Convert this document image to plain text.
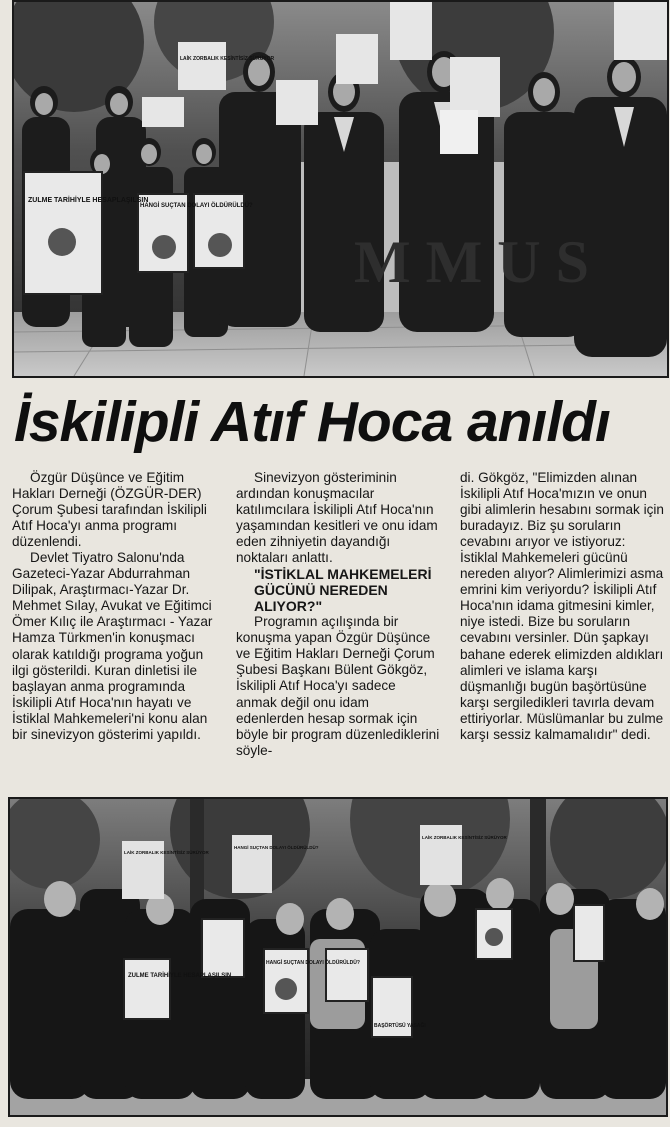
M M U S
ZULME TARİHİYLE HESAPLAŞILSIN
HANGİ SUÇTAN DOLAYI ÖLDÜRÜLDÜ?
LAİK ZORBALIK KESİNTİSİZ SÜRÜYOR
İskilipli Atıf Hoca anıldı

Özgür Düşünce ve Eğitim Hakları Derneği (ÖZGÜR-DER) Çorum Şubesi tarafından İskilipli Atıf Hoca'yı anma programı düzenlendi.

Devlet Tiyatro Salonu'nda Gazeteci-Yazar Abdurrahman Dilipak, Araştırmacı-Yazar Dr. Mehmet Sılay, Avukat ve Eğitimci Ömer Kılıç ile Araştırmacı - Yazar Hamza Türkmen'in konuşmacı olarak katıldığı programa yoğun ilgi gösterildi. Kuran dinletisi ile başlayan anma programında İskilipli Atıf Hoca'nın hayatı ve İstiklal Mahkemeleri'ni konu alan bir sinevizyon gösterimi yapıldı.

Sinevizyon gösteriminin ardından konuşmacılar katılımcılara İskilipli Atıf Hoca'nın yaşamından kesitleri ve onu idam eden zihniyetin dayandığı noktaları anlattı.

"İSTİKLAL MAHKEMELERİ GÜCÜNÜ NEREDEN ALIYOR?"

Programın açılışında bir konuşma yapan Özgür Düşünce ve Eğitim Hakları Derneği Çorum Şubesi Başkanı Bülent Gökgöz, İskilipli Atıf Hoca'yı sadece anmak değil onu idam edenlerden hesap sormak için böyle bir program düzenlediklerini söyle-

di. Gökgöz, "Elimizden alınan İskilipli Atıf Hoca'mızın ve onun gibi alimlerin hesabını sormak için buradayız. Biz şu soruların cevabını arıyor ve istiyoruz: İstiklal Mahkemeleri gücünü nereden alıyor? Alimlerimizi asma emrini kim veriyordu? İskilipli Atıf Hoca'nın idama gitmesini kimler, niye istedi. Bize bu soruların cevabını versinler. Dün şapkayı bahane ederek elimizden aldıkları alimleri ve islama karşı düşmanlığı bugün başörtüsüne karşı sergiledikleri tavırla devam ettiriyorlar. Müslümanlar bu zulme karşı sessiz kalmamalıdır" dedi.

ZULME TARİHİYLE HESAPLAŞILSIN
HANGİ SUÇTAN DOLAYI ÖLDÜRÜLDÜ?
BAŞÖRTÜSÜ YASAĞI
LAİK ZORBALIK KESİNTİSİZ SÜRÜYOR
HANGİ SUÇTAN DOLAYI ÖLDÜRÜLDÜ?
LAİK ZORBALIK KESİNTİSİZ SÜRÜYOR
